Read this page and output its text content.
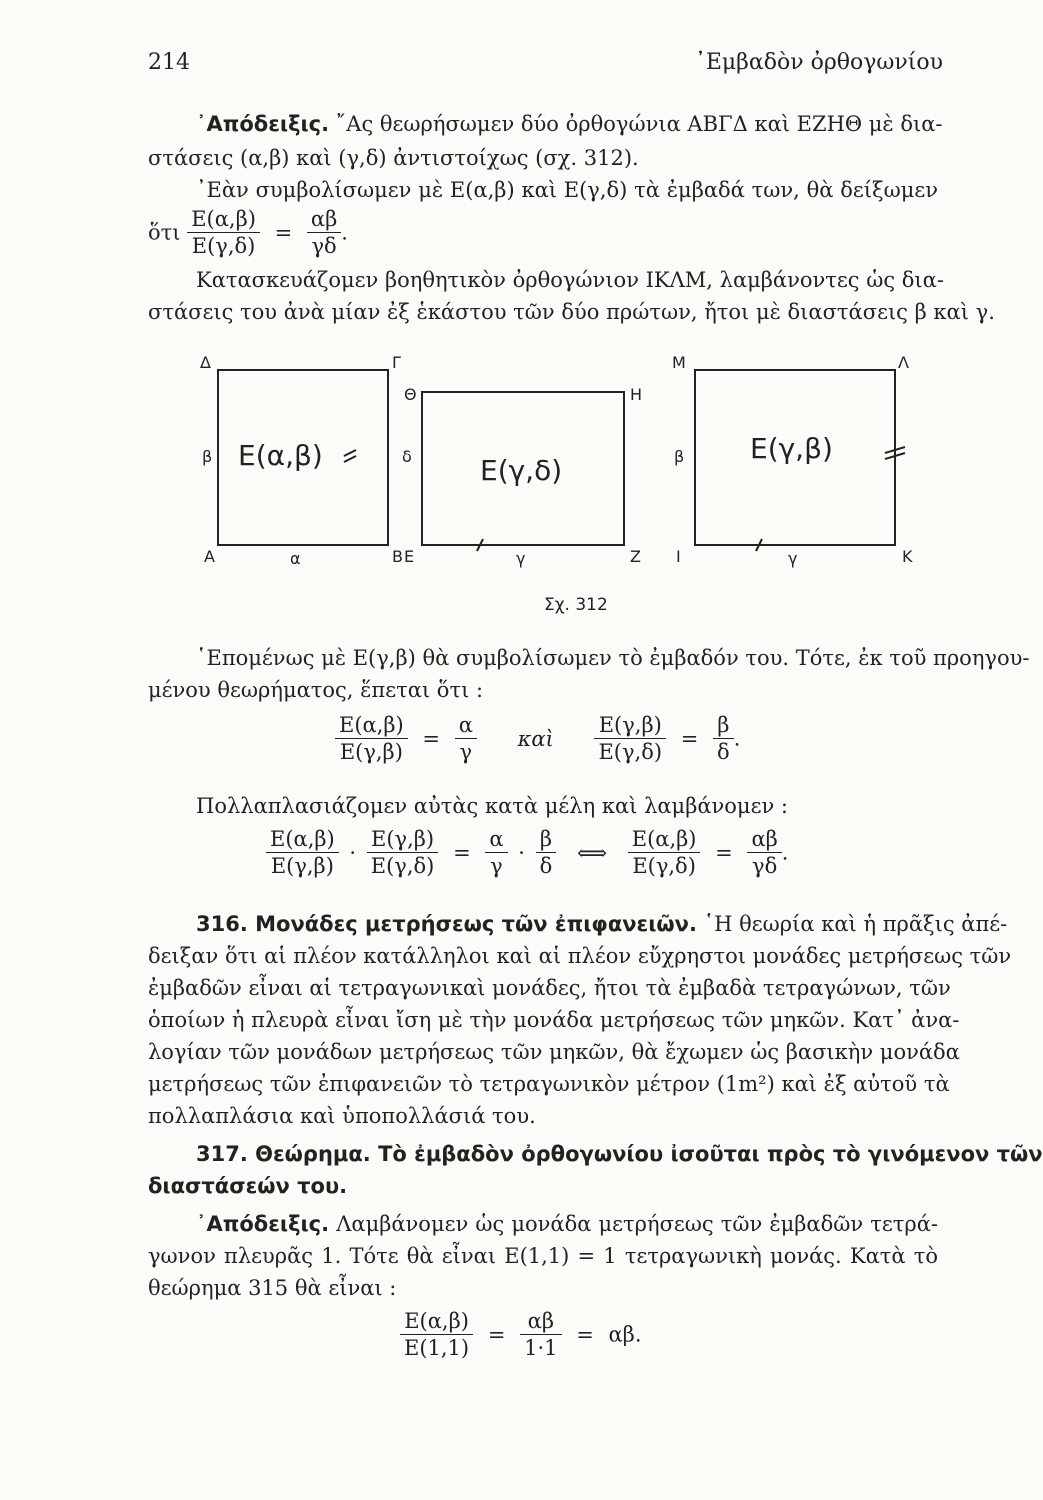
214	᾽Εμβαδὸν ὀρθογωνίου
᾽Απόδειξις. ῎Ας θεωρήσωμεν δύο ὀρθογώνια ΑΒΓΔ καὶ ΕΖΗΘ μὲ δια-
στάσεις (α,β) καὶ (γ,δ) ἀντιστοίχως (σχ. 312).
᾽Εὰν συμβολίσωμεν μὲ Ε(α,β) καὶ Ε(γ,δ) τὰ ἐμβαδά των, θὰ δείξωμεν
ὅτι $\frac{E(\alpha,\beta)}{E(\gamma,\delta)} = \frac{\alpha\beta}{\gamma\delta}$ .
Κατασκευάζομεν βοηθητικὸν ὀρθογώνιον ΙΚΛΜ, λαμβάνοντες ὡς δια-
στάσεις του ἀνὰ μίαν ἐξ ἑκάστου τῶν δύο πρώτων, ἤτοι μὲ διαστάσεις β καὶ γ.
Δ	Γ
Α	Β
β
α
Θ	Η
Ε	Ζ
δ
γ
Μ	Λ
Ι	Κ
β
γ
Ε(α,β)	Ε(γ,δ)
Ε(γ,β)
Σχ. 312
῾Επομένως μὲ Ε(γ,β) θὰ συμβολίσωμεν τὸ ἐμβαδόν του. Τότε, ἐκ τοῦ προηγου-
μένου θεωρήματος, ἕπεται ὅτι :
$\frac{E(\alpha,\beta)}{E(\gamma,\beta)} = \frac{\alpha}{\gamma}$ καὶ $\frac{E(\gamma,\beta)}{E(\gamma,\delta)} = \frac{\beta}{\delta}$ .
Πολλαπλασιάζομεν αὐτὰς κατὰ μέλη καὶ λαμβάνομεν :
$\frac{E(\alpha,\beta)}{E(\gamma,\beta)} \cdot \frac{E(\gamma,\beta)}{E(\gamma,\delta)} = \frac{\alpha}{\gamma} \cdot \frac{\beta}{\delta}$ ⟺ $\frac{E(\alpha,\beta)}{E(\gamma,\delta)} = \frac{\alpha\beta}{\gamma\delta}$ .
316. Μονάδες μετρήσεως τῶν ἐπιφανειῶν. ῾Η θεωρία καὶ ἡ πρᾶξις ἀπέ-
δειξαν ὅτι αἱ πλέον κατάλληλοι καὶ αἱ πλέον εὔχρηστοι μονάδες μετρήσεως τῶν
ἐμβαδῶν εἶναι αἱ τετραγωνικαὶ μονάδες, ἤτοι τὰ ἐμβαδὰ τετραγώνων, τῶν
ὁποίων ἡ πλευρὰ εἶναι ἴση μὲ τὴν μονάδα μετρήσεως τῶν μηκῶν. Κατ᾽ ἀνα-
λογίαν τῶν μονάδων μετρήσεως τῶν μηκῶν, θὰ ἔχωμεν ὡς βασικὴν μονάδα
μετρήσεως τῶν ἐπιφανειῶν τὸ τετραγωνικὸν μέτρον (1m²) καὶ ἐξ αὐτοῦ τὰ
πολλαπλάσια καὶ ὑποπολλάσιά του.
317. Θεώρημα. Τὸ ἐμβαδὸν ὀρθογωνίου ἰσοῦται πρὸς τὸ γινόμενον τῶν
διαστάσεών του.
᾽Απόδειξις. Λαμβάνομεν ὡς μονάδα μετρήσεως τῶν ἐμβαδῶν τετρά-
γωνον πλευρᾶς 1. Τότε θὰ εἶναι Ε(1,1) = 1 τετραγωνικὴ μονάς. Κατὰ τὸ
θεώρημα 315 θὰ εἶναι :
$\frac{E(\alpha,\beta)}{E(1,1)} = \frac{\alpha\beta}{1\cdot 1} = \alpha\beta$.
